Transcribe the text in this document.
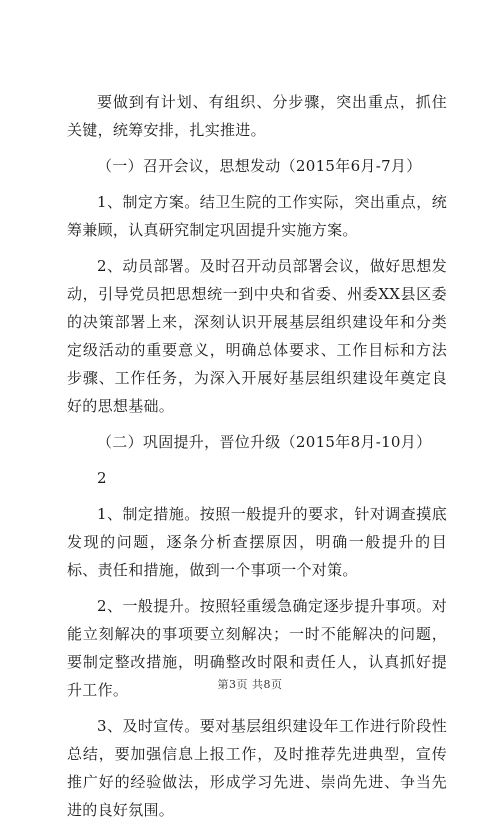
要做到有计划、有组织、分步骤，突出重点，抓住关键，统筹安排，扎实推进。

（一）召开会议，思想发动（2015年6月-7月）

1、制定方案。结卫生院的工作实际，突出重点，统筹兼顾，认真研究制定巩固提升实施方案。

2、动员部署。及时召开动员部署会议，做好思想发动，引导党员把思想统一到中央和省委、州委XX县区委的决策部署上来，深刻认识开展基层组织建设年和分类定级活动的重要意义，明确总体要求、工作目标和方法步骤、工作任务，为深入开展好基层组织建设年奠定良好的思想基础。

（二）巩固提升，晋位升级（2015年8月-10月）

2

1、制定措施。按照一般提升的要求，针对调查摸底发现的问题，逐条分析查摆原因，明确一般提升的目标、责任和措施，做到一个事项一个对策。

2、一般提升。按照轻重缓急确定逐步提升事项。对能立刻解决的事项要立刻解决；一时不能解决的问题，要制定整改措施，明确整改时限和责任人，认真抓好提升工作。

3、及时宣传。要对基层组织建设年工作进行阶段性总结，要加强信息上报工作，及时推荐先进典型，宣传推广好的经验做法，形成学习先进、崇尚先进、争当先进的良好氛围。

第3页 共8页
